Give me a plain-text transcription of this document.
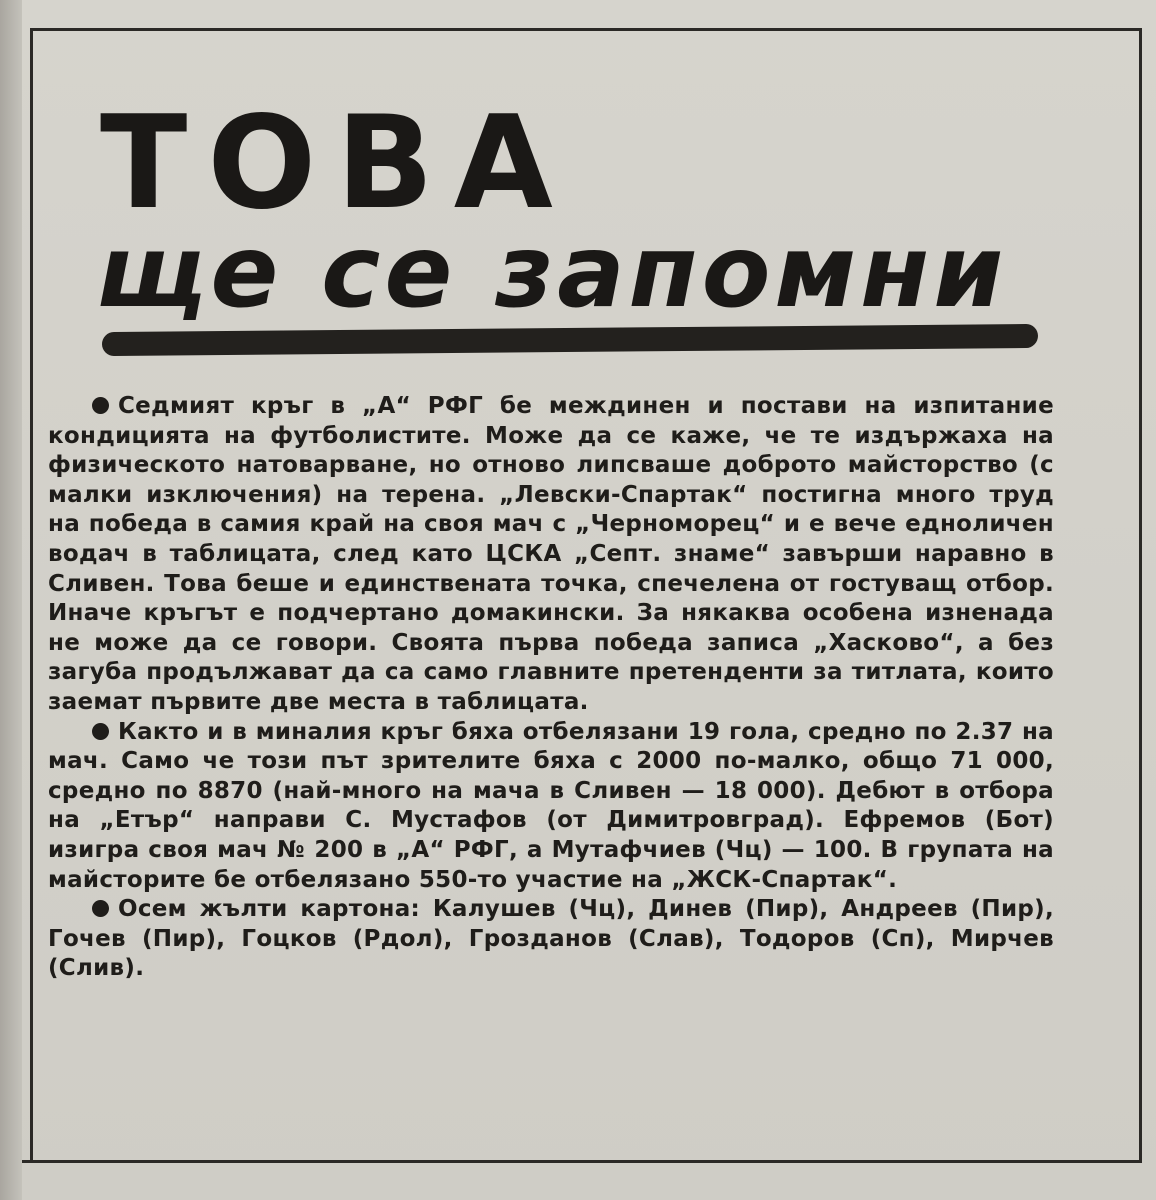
ТОВА
ще се запомни

Седмият кръг в „А“ РФГ бе междинен и постави на изпитание кондицията на футболистите. Може да се каже, че те издържаха на физическото натоварване, но отново липсваше доброто майсторство (с малки изключения) на терена. „Левски-Спартак“ постигна много труд на победа в самия край на своя мач с „Черноморец“ и е вече едноличен водач в таблицата, след като ЦСКА „Септ. знаме“ завърши наравно в Сливен. Това беше и единствената точка, спечелена от гостуващ отбор. Иначе кръгът е подчертано домакински. За някаква особена изненада не може да се говори. Своята първа победа записа „Хасково“, а без загуба продължават да са само главните претенденти за титлата, които заемат първите две места в таблицата.

Както и в миналия кръг бяха отбелязани 19 гола, средно по 2.37 на мач. Само че този път зрителите бяха с 2000 по-малко, общо 71 000, средно по 8870 (най-много на мача в Сливен — 18 000). Дебют в отбора на „Етър“ направи С. Мустафов (от Димитровград). Ефремов (Бот) изигра своя мач № 200 в „А“ РФГ, а Мутафчиев (Чц) — 100. В групата на майсторите бе отбелязано 550-то участие на „ЖСК-Спартак“.

Осем жълти картона: Калушев (Чц), Динев (Пир), Андреев (Пир), Гочев (Пир), Гоцков (Рдол), Грозданов (Слав), Тодоров (Сп), Мирчев (Слив).
